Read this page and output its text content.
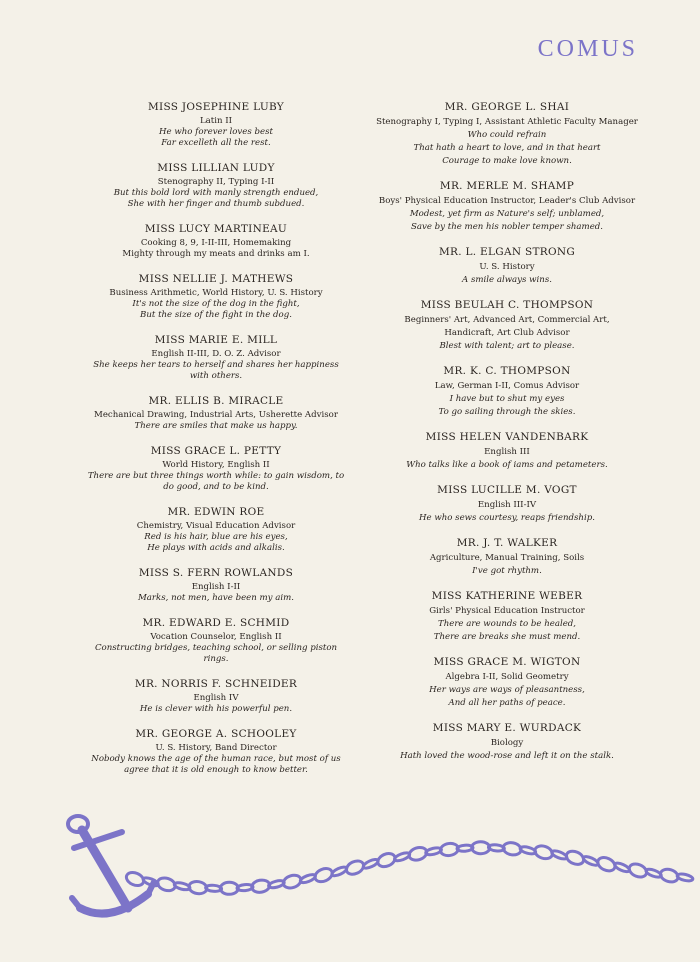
COMUS
MISS JOSEPHINE LUBY
Latin II
He who forever loves best
Far excelleth all the rest.
MISS LILLIAN LUDY
Stenography II, Typing I-II
But this bold lord with manly strength endued,
She with her finger and thumb subdued.
MISS LUCY MARTINEAU
Cooking 8, 9, I-II-III, Homemaking
Mighty through my meats and drinks am I.
MISS NELLIE J. MATHEWS
Business Arithmetic, World History, U. S. History
It's not the size of the dog in the fight,
But the size of the fight in the dog.
MISS MARIE E. MILL
English II-III, D. O. Z. Advisor
She keeps her tears to herself and shares her happiness
with others.
MR. ELLIS B. MIRACLE
Mechanical Drawing, Industrial Arts, Usherette Advisor
There are smiles that make us happy.
MISS GRACE L. PETTY
World History, English II
There are but three things worth while: to gain wisdom, to
do good, and to be kind.
MR. EDWIN ROE
Chemistry, Visual Education Advisor
Red is his hair, blue are his eyes,
He plays with acids and alkalis.
MISS S. FERN ROWLANDS
English I-II
Marks, not men, have been my aim.
MR. EDWARD E. SCHMID
Vocation Counselor, English II
Constructing bridges, teaching school, or selling piston rings.
MR. NORRIS F. SCHNEIDER
English IV
He is clever with his powerful pen.
MR. GEORGE A. SCHOOLEY
U. S. History, Band Director
Nobody knows the age of the human race, but most of us
agree that it is old enough to know better.
MR. GEORGE L. SHAI
Stenography I, Typing I, Assistant Athletic Faculty Manager
Who could refrain
That hath a heart to love, and in that heart
Courage to make love known.
MR. MERLE M. SHAMP
Boys' Physical Education Instructor, Leader's Club Advisor
Modest, yet firm as Nature's self; unblamed,
Save by the men his nobler temper shamed.
MR. L. ELGAN STRONG
U. S. History
A smile always wins.
MISS BEULAH C. THOMPSON
Beginners' Art, Advanced Art, Commercial Art,
Handicraft, Art Club Advisor
Blest with talent; art to please.
MR. K. C. THOMPSON
Law, German I-II, Comus Advisor
I have but to shut my eyes
To go sailing through the skies.
MISS HELEN VANDENBARK
English III
Who talks like a book of iams and petameters.
MISS LUCILLE M. VOGT
English III-IV
He who sews courtesy, reaps friendship.
MR. J. T. WALKER
Agriculture, Manual Training, Soils
I've got rhythm.
MISS KATHERINE WEBER
Girls' Physical Education Instructor
There are wounds to be healed,
There are breaks she must mend.
MISS GRACE M. WIGTON
Algebra I-II, Solid Geometry
Her ways are ways of pleasantness,
And all her paths of peace.
MISS MARY E. WURDACK
Biology
Hath loved the wood-rose and left it on the stalk.
